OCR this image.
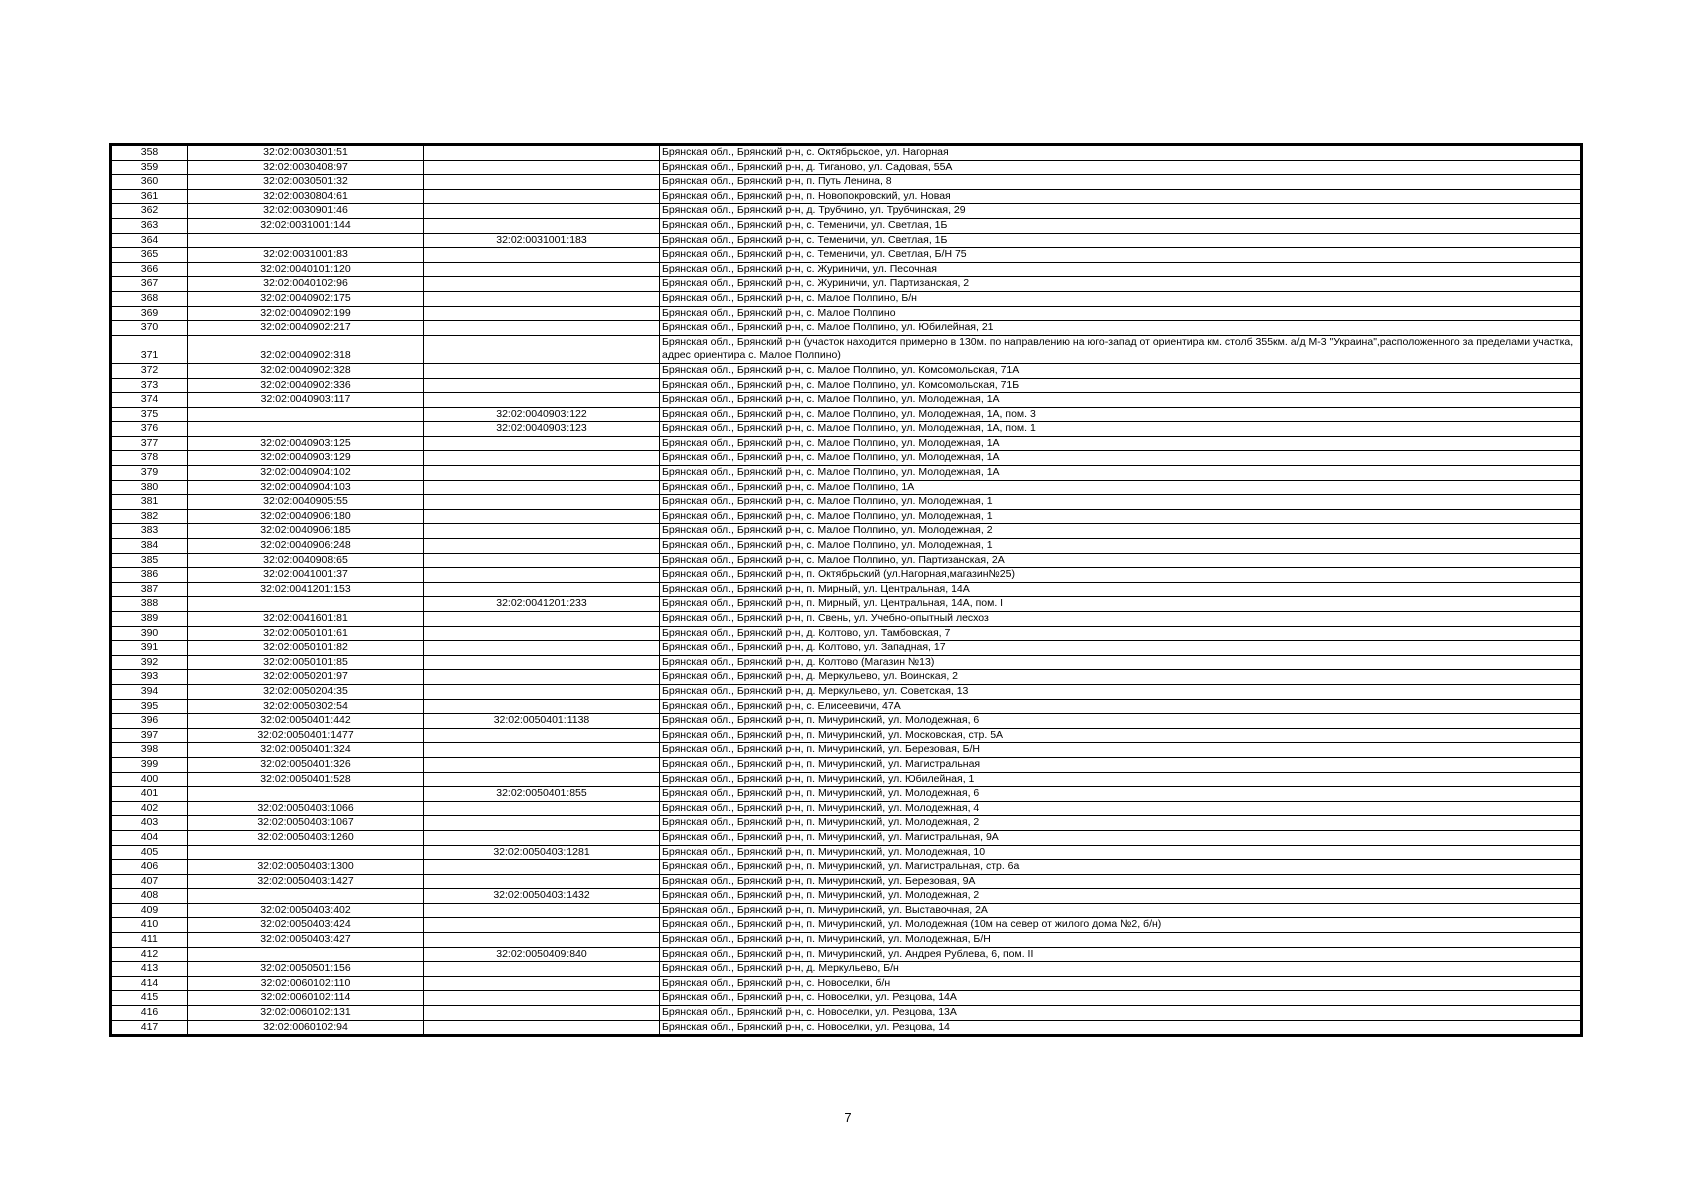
358	32:02:0030301:51		Брянская обл., Брянский р-н, с. Октябрьское, ул. Нагорная
359	32:02:0030408:97		Брянская обл., Брянский р-н, д. Тиганово, ул. Садовая, 55А
360	32:02:0030501:32		Брянская обл., Брянский р-н, п. Путь Ленина, 8
361	32:02:0030804:61		Брянская обл., Брянский р-н, п. Новопокровский, ул. Новая
362	32:02:0030901:46		Брянская обл., Брянский р-н, д. Трубчино, ул. Трубчинская, 29
363	32:02:0031001:144		Брянская обл., Брянский р-н, с. Теменичи, ул. Светлая, 1Б
364		32:02:0031001:183	Брянская обл., Брянский р-н, с. Теменичи, ул. Светлая, 1Б
365	32:02:0031001:83		Брянская обл., Брянский р-н, с. Теменичи, ул. Светлая, Б/Н 75
366	32:02:0040101:120		Брянская обл., Брянский р-н, с. Журиничи, ул. Песочная
367	32:02:0040102:96		Брянская обл., Брянский р-н, с. Журиничи, ул. Партизанская, 2
368	32:02:0040902:175		Брянская обл., Брянский р-н, с. Малое Полпино, Б/н
369	32:02:0040902:199		Брянская обл., Брянский р-н, с. Малое Полпино
370	32:02:0040902:217		Брянская обл., Брянский р-н, с. Малое Полпино, ул. Юбилейная, 21
371	32:02:0040902:318		Брянская обл., Брянский р-н (участок находится примерно в 130м. по направлению на юго-запад от ориентира км. столб 355км. а/д М-3 "Украина",расположенного за пределами участка, адрес ориентира с. Малое Полпино)
372	32:02:0040902:328		Брянская обл., Брянский р-н, с. Малое Полпино, ул. Комсомольская, 71А
373	32:02:0040902:336		Брянская обл., Брянский р-н, с. Малое Полпино, ул. Комсомольская, 71Б
374	32:02:0040903:117		Брянская обл., Брянский р-н, с. Малое Полпино, ул. Молодежная, 1А
375		32:02:0040903:122	Брянская обл., Брянский р-н, с. Малое Полпино, ул. Молодежная, 1А, пом. 3
376		32:02:0040903:123	Брянская обл., Брянский р-н, с. Малое Полпино, ул. Молодежная, 1А, пом. 1
377	32:02:0040903:125		Брянская обл., Брянский р-н, с. Малое Полпино, ул. Молодежная, 1А
378	32:02:0040903:129		Брянская обл., Брянский р-н, с. Малое Полпино, ул. Молодежная, 1А
379	32:02:0040904:102		Брянская обл., Брянский р-н, с. Малое Полпино, ул. Молодежная, 1А
380	32:02:0040904:103		Брянская обл., Брянский р-н, с. Малое Полпино, 1А
381	32:02:0040905:55		Брянская обл., Брянский р-н, с. Малое Полпино, ул. Молодежная, 1
382	32:02:0040906:180		Брянская обл., Брянский р-н, с. Малое Полпино, ул. Молодежная, 1
383	32:02:0040906:185		Брянская обл., Брянский р-н, с. Малое Полпино, ул. Молодежная, 2
384	32:02:0040906:248		Брянская обл., Брянский р-н, с. Малое Полпино, ул. Молодежная, 1
385	32:02:0040908:65		Брянская обл., Брянский р-н, с. Малое Полпино, ул. Партизанская, 2А
386	32:02:0041001:37		Брянская обл., Брянский р-н, п. Октябрьский (ул.Нагорная,магазин№25)
387	32:02:0041201:153		Брянская обл., Брянский р-н, п. Мирный, ул. Центральная, 14А
388		32:02:0041201:233	Брянская обл., Брянский р-н, п. Мирный, ул. Центральная, 14А, пом. I
389	32:02:0041601:81		Брянская обл., Брянский р-н, п. Свень, ул. Учебно-опытный лесхоз
390	32:02:0050101:61		Брянская обл., Брянский р-н, д. Колтово, ул. Тамбовская, 7
391	32:02:0050101:82		Брянская обл., Брянский р-н, д. Колтово, ул. Западная, 17
392	32:02:0050101:85		Брянская обл., Брянский р-н, д. Колтово (Магазин №13)
393	32:02:0050201:97		Брянская обл., Брянский р-н, д. Меркульево, ул. Воинская, 2
394	32:02:0050204:35		Брянская обл., Брянский р-н, д. Меркульево, ул. Советская, 13
395	32:02:0050302:54		Брянская обл., Брянский р-н, с. Елисеевичи, 47А
396	32:02:0050401:442	32:02:0050401:1138	Брянская обл., Брянский р-н, п. Мичуринский, ул. Молодежная, 6
397	32:02:0050401:1477		Брянская обл., Брянский р-н, п. Мичуринский, ул. Московская, стр. 5А
398	32:02:0050401:324		Брянская обл., Брянский р-н, п. Мичуринский, ул. Березовая, Б/Н
399	32:02:0050401:326		Брянская обл., Брянский р-н, п. Мичуринский, ул. Магистральная
400	32:02:0050401:528		Брянская обл., Брянский р-н, п. Мичуринский, ул. Юбилейная, 1
401		32:02:0050401:855	Брянская обл., Брянский р-н, п. Мичуринский, ул. Молодежная, 6
402	32:02:0050403:1066		Брянская обл., Брянский р-н, п. Мичуринский, ул. Молодежная, 4
403	32:02:0050403:1067		Брянская обл., Брянский р-н, п. Мичуринский, ул. Молодежная, 2
404	32:02:0050403:1260		Брянская обл., Брянский р-н, п. Мичуринский, ул. Магистральная, 9А
405		32:02:0050403:1281	Брянская обл., Брянский р-н, п. Мичуринский, ул. Молодежная, 10
406	32:02:0050403:1300		Брянская обл., Брянский р-н, п. Мичуринский, ул. Магистральная, стр. 6а
407	32:02:0050403:1427		Брянская обл., Брянский р-н, п. Мичуринский, ул. Березовая, 9А
408		32:02:0050403:1432	Брянская обл., Брянский р-н, п. Мичуринский, ул. Молодежная, 2
409	32:02:0050403:402		Брянская обл., Брянский р-н, п. Мичуринский, ул. Выставочная, 2А
410	32:02:0050403:424		Брянская обл., Брянский р-н, п. Мичуринский, ул. Молодежная (10м на север от жилого дома №2, б/н)
411	32:02:0050403:427		Брянская обл., Брянский р-н, п. Мичуринский, ул. Молодежная, Б/Н
412		32:02:0050409:840	Брянская обл., Брянский р-н, п. Мичуринский, ул. Андрея Рублева, 6, пом. II
413	32:02:0050501:156		Брянская обл., Брянский р-н, д. Меркульево, Б/н
414	32:02:0060102:110		Брянская обл., Брянский р-н, с. Новоселки, б/н
415	32:02:0060102:114		Брянская обл., Брянский р-н, с. Новоселки, ул. Резцова, 14А
416	32:02:0060102:131		Брянская обл., Брянский р-н, с. Новоселки, ул. Резцова, 13А
417	32:02:0060102:94		Брянская обл., Брянский р-н, с. Новоселки, ул. Резцова, 14
7
